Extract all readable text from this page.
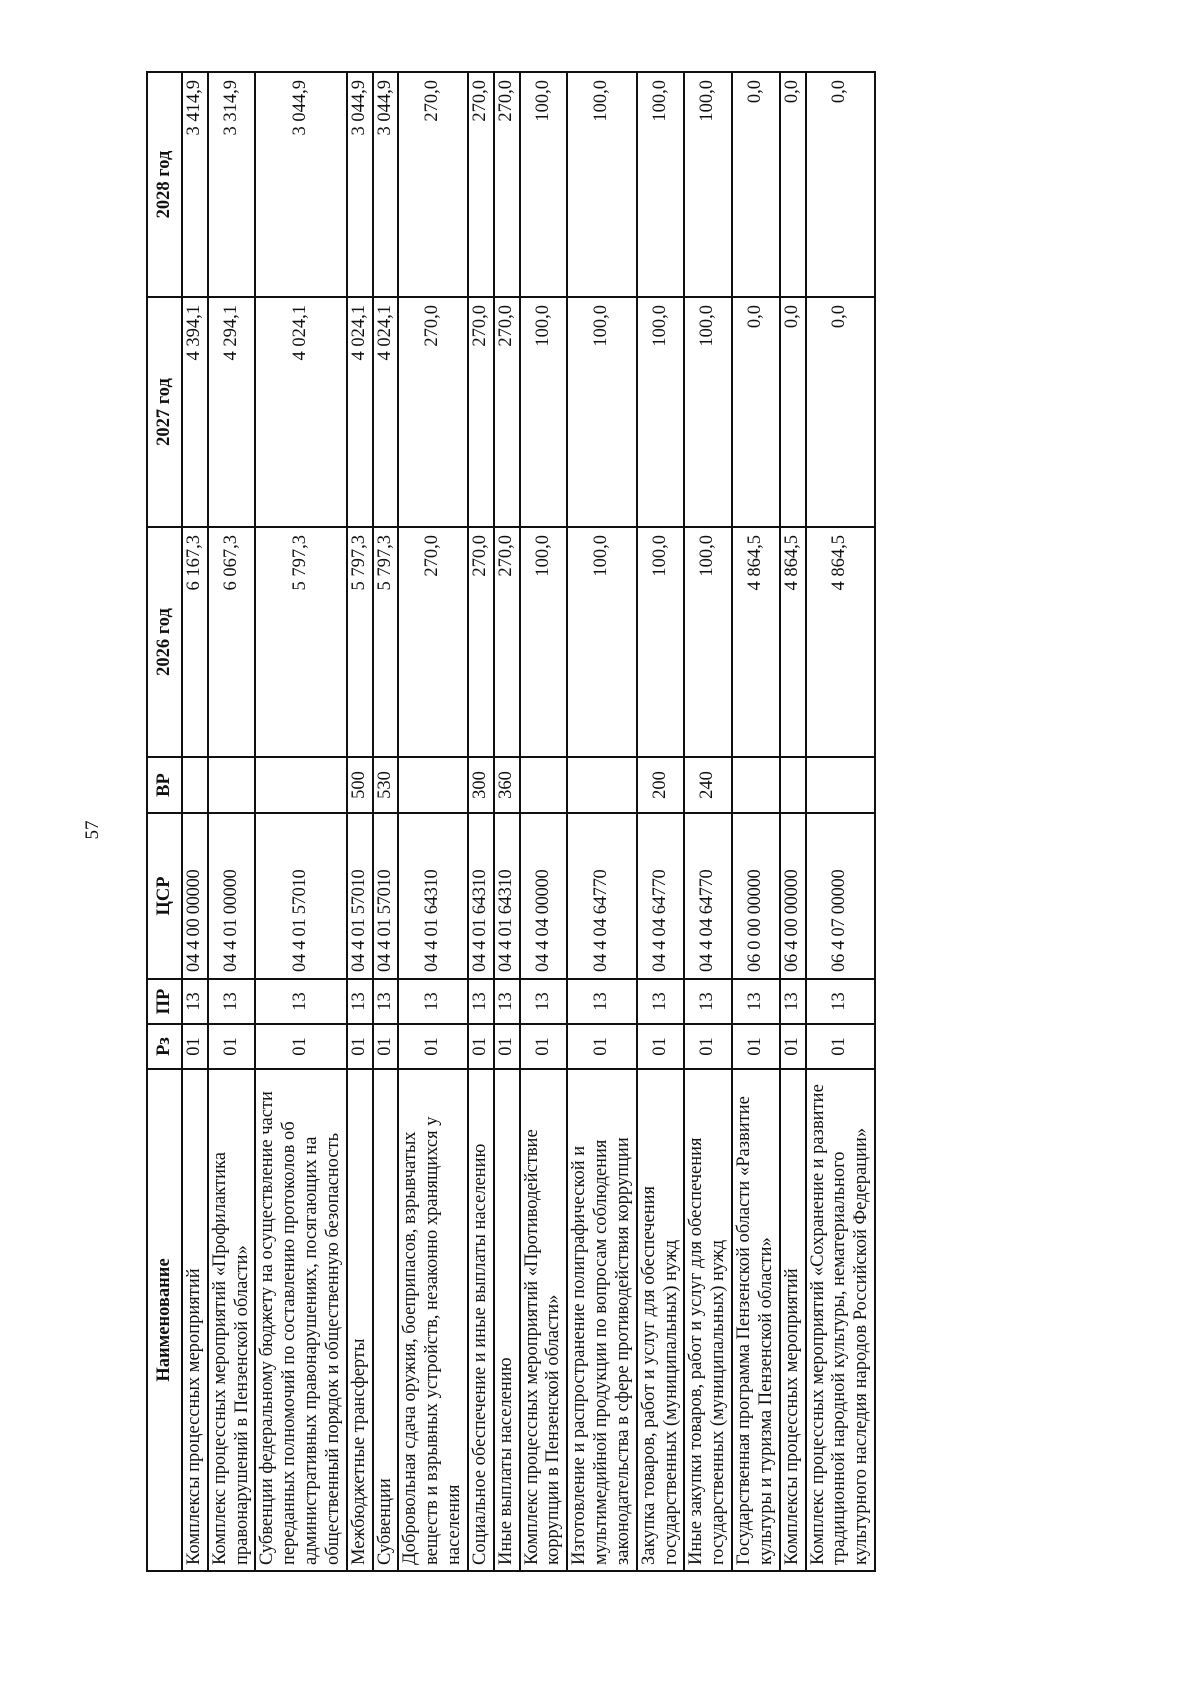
57
Наименование	Рз	ПР	ЦСР	ВР	2026 год	2027 год	2028 год
Комплексы процессных мероприятий	01	13	04 4 00 00000		6 167,3	4 394,1	3 414,9
Комплекс процессных мероприятий «Профилактика правонарушений в Пензенской области»	01	13	04 4 01 00000		6 067,3	4 294,1	3 314,9
Субвенции федеральному бюджету на осуществление части переданных полномочий по составлению протоколов об административных правонарушениях, посягающих на общественный порядок и общественную безопасность	01	13	04 4 01 57010		5 797,3	4 024,1	3 044,9
Межбюджетные трансферты	01	13	04 4 01 57010	500	5 797,3	4 024,1	3 044,9
Субвенции	01	13	04 4 01 57010	530	5 797,3	4 024,1	3 044,9
Добровольная сдача оружия, боеприпасов, взрывчатых веществ и взрывных устройств, незаконно хранящихся у населения	01	13	04 4 01 64310		270,0	270,0	270,0
Социальное обеспечение и иные выплаты населению	01	13	04 4 01 64310	300	270,0	270,0	270,0
Иные выплаты населению	01	13	04 4 01 64310	360	270,0	270,0	270,0
Комплекс процессных мероприятий «Противодействие коррупции в Пензенской области»	01	13	04 4 04 00000		100,0	100,0	100,0
Изготовление и распространение полиграфической и мультимедийной продукции по вопросам соблюдения законодательства в сфере противодействия коррупции	01	13	04 4 04 64770		100,0	100,0	100,0
Закупка товаров, работ и услуг для обеспечения государственных (муниципальных) нужд	01	13	04 4 04 64770	200	100,0	100,0	100,0
Иные закупки товаров, работ и услуг для обеспечения государственных (муниципальных) нужд	01	13	04 4 04 64770	240	100,0	100,0	100,0
Государственная программа Пензенской области «Развитие культуры и туризма Пензенской области»	01	13	06 0 00 00000		4 864,5	0,0	0,0
Комплексы процессных мероприятий	01	13	06 4 00 00000		4 864,5	0,0	0,0
Комплекс процессных мероприятий «Сохранение и развитие традиционной народной культуры, нематериального культурного наследия народов Российской Федерации»	01	13	06 4 07 00000		4 864,5	0,0	0,0
